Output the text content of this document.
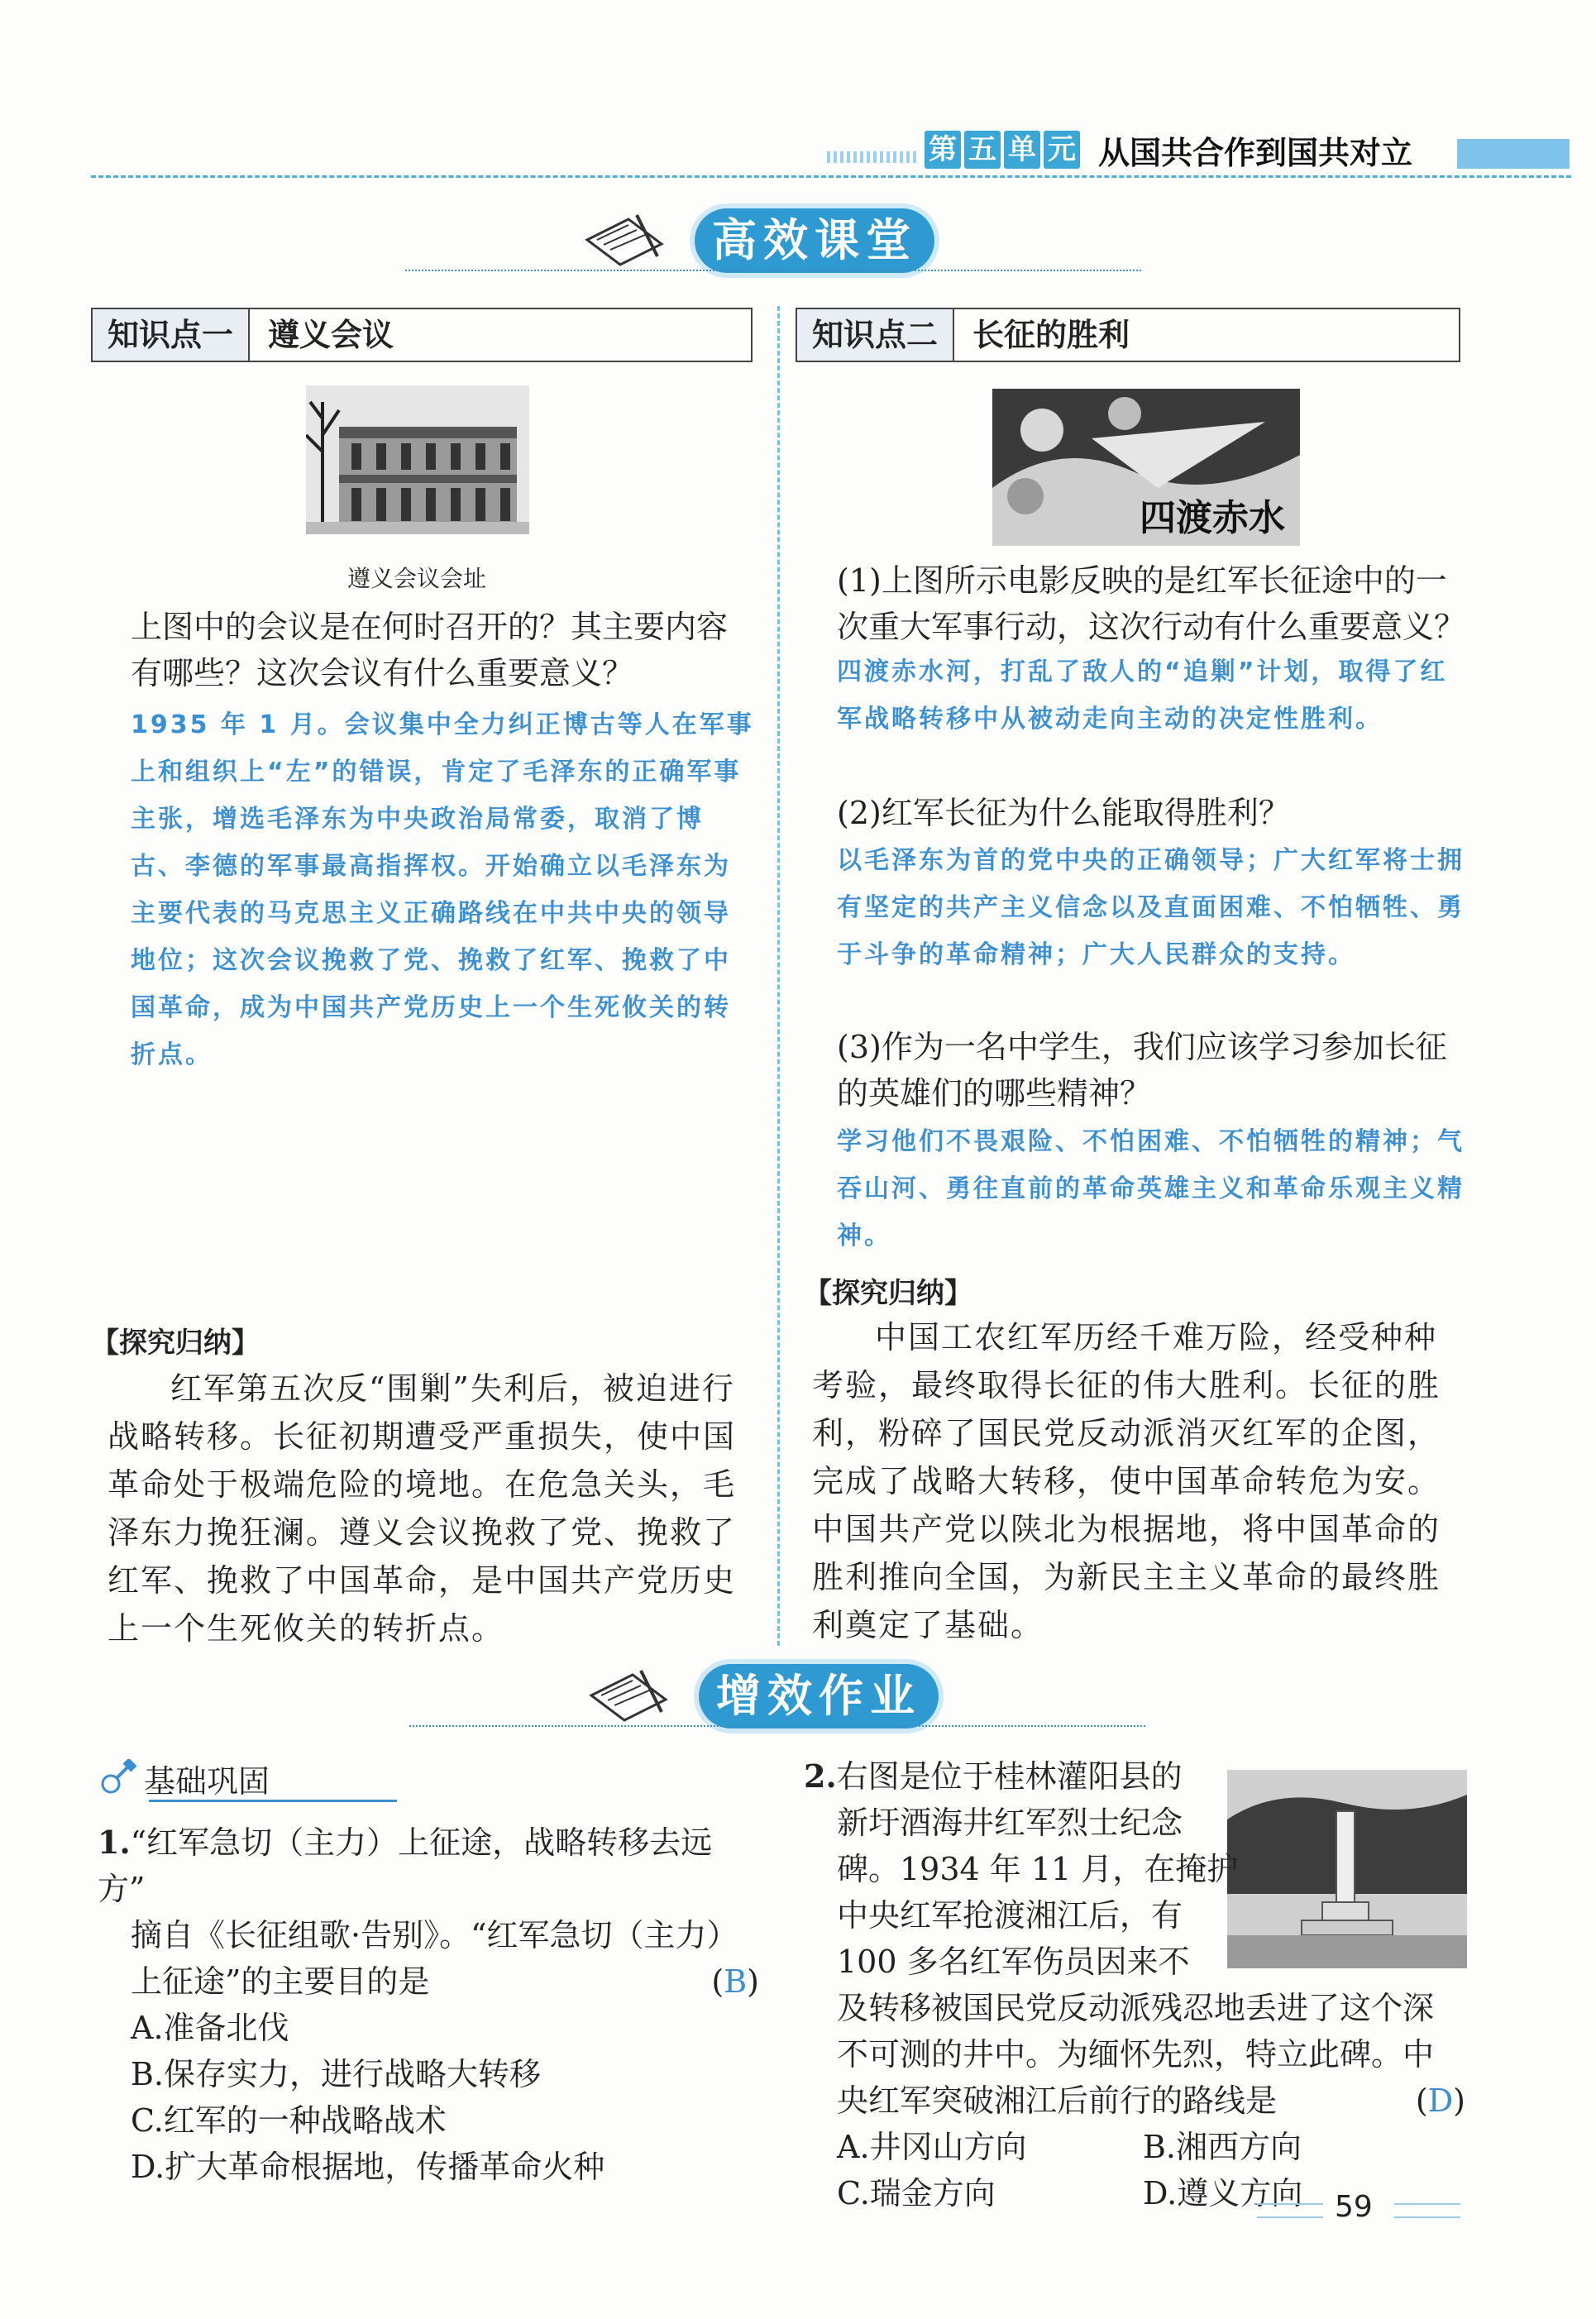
第 五 单 元 从国共合作到国共对立
高效课堂
知识点一	遵义会议
遵义会议会址
上图中的会议是在何时召开的？其主要内容有哪些？这次会议有什么重要意义？
1935 年 1 月。会议集中全力纠正博古等人在军事上和组织上“左”的错误，肯定了毛泽东的正确军事主张，增选毛泽东为中央政治局常委，取消了博古、李德的军事最高指挥权。开始确立以毛泽东为主要代表的马克思主义正确路线在中共中央的领导地位；这次会议挽救了党、挽救了红军、挽救了中国革命，成为中国共产党历史上一个生死攸关的转折点。
【探究归纳】
红军第五次反“围剿”失利后，被迫进行战略转移。长征初期遭受严重损失，使中国革命处于极端危险的境地。在危急关头，毛泽东力挽狂澜。遵义会议挽救了党、挽救了红军、挽救了中国革命，是中国共产党历史上一个生死攸关的转折点。
知识点二	长征的胜利
四渡赤水
(1)上图所示电影反映的是红军长征途中的一次重大军事行动，这次行动有什么重要意义？
四渡赤水河，打乱了敌人的“追剿”计划，取得了红军战略转移中从被动走向主动的决定性胜利。
(2)红军长征为什么能取得胜利？
以毛泽东为首的党中央的正确领导；广大红军将士拥有坚定的共产主义信念以及直面困难、不怕牺牲、勇于斗争的革命精神；广大人民群众的支持。
(3)作为一名中学生，我们应该学习参加长征的英雄们的哪些精神？
学习他们不畏艰险、不怕困难、不怕牺牲的精神；气吞山河、勇往直前的革命英雄主义和革命乐观主义精神。
【探究归纳】
中国工农红军历经千难万险，经受种种考验，最终取得长征的伟大胜利。长征的胜利，粉碎了国民党反动派消灭红军的企图，完成了战略大转移，使中国革命转危为安。中国共产党以陕北为根据地，将中国革命的胜利推向全国，为新民主主义革命的最终胜利奠定了基础。
增效作业
基础巩固
1.“红军急切（主力）上征途，战略转移去远方”
摘自《长征组歌·告别》。“红军急切（主力）
上征途”的主要目的是	(B)
A.准备北伐
B.保存实力，进行战略大转移
C.红军的一种战略战术
D.扩大革命根据地，传播革命火种
2.右图是位于桂林灌阳县的
新圩酒海井红军烈士纪念
碑。1934 年 11 月，在掩护
中央红军抢渡湘江后，有
100 多名红军伤员因来不
及转移被国民党反动派残忍地丢进了这个深
不可测的井中。为缅怀先烈，特立此碑。中
央红军突破湘江后前行的路线是	(D)
A.井冈山方向	B.湘西方向
C.瑞金方向	D.遵义方向 59
